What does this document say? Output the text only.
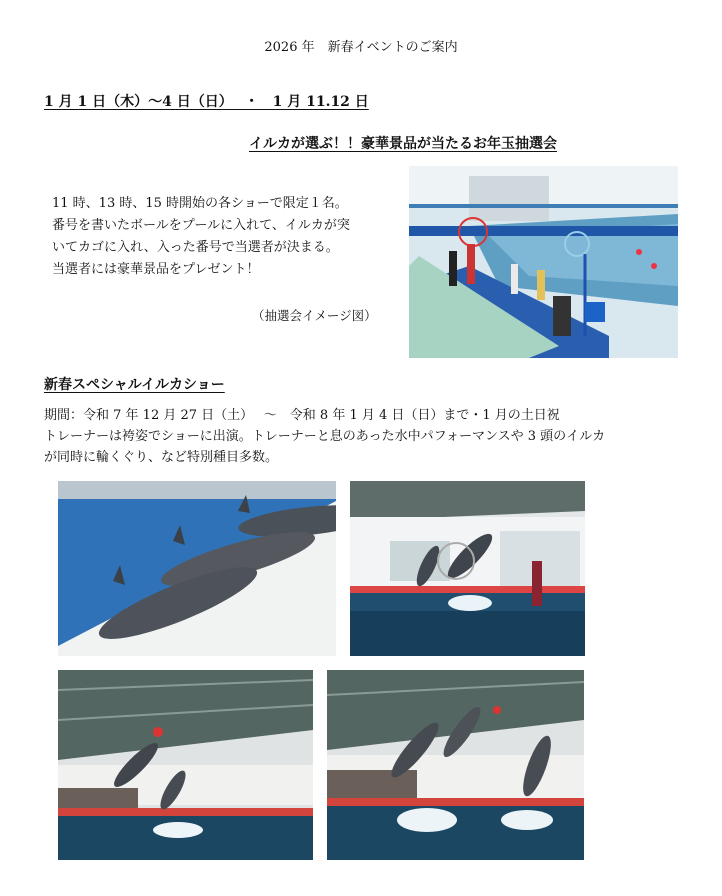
2026 年　新春イベントのご案内
1 月 1 日（木）～4 日（日）　 ・　1 月 11.12 日
イルカが選ぶ！！豪華景品が当たるお年玉抽選会
11 時、13 時、15 時開始の各ショーで限定１名。
番号を書いたボールをプールに入れて、イルカが突
いてカゴに入れ、入った番号で当選者が決まる。
当選者には豪華景品をプレゼント！
（抽選会イメージ図）
新春スペシャルイルカショー
期間：令和 7 年 12 月 27 日（土）　 ～　令和 8 年 1 月 4 日（日）まで・1 月の土日祝
トレーナーは袴姿でショーに出演。トレーナーと息のあった水中パフォーマンスや 3 頭のイルカ
が同時に輪くぐり、など特別種目多数。
